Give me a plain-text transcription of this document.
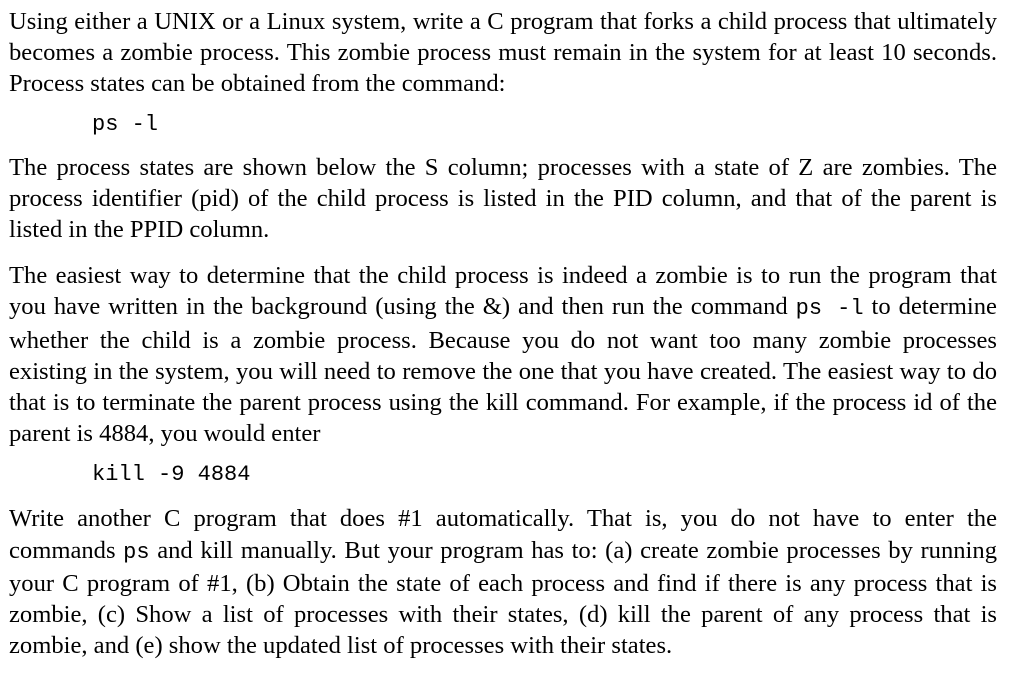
Using either a UNIX or a Linux system, write a C program that forks a child process that ultimately becomes a zombie process. This zombie process must remain in the system for at least 10 seconds. Process states can be obtained from the command:

ps -l

The process states are shown below the S column; processes with a state of Z are zombies. The process identifier (pid) of the child process is listed in the PID column, and that of the parent is listed in the PPID column.

The easiest way to determine that the child process is indeed a zombie is to run the program that you have written in the background (using the &) and then run the command ps -l to determine whether the child is a zombie process. Because you do not want too many zombie processes existing in the system, you will need to remove the one that you have created. The easiest way to do that is to terminate the parent process using the kill command. For example, if the process id of the parent is 4884, you would enter

kill -9 4884

Write another C program that does #1 automatically. That is, you do not have to enter the commands ps and kill manually. But your program has to: (a) create zombie processes by running your C program of #1, (b) Obtain the state of each process and find if there is any process that is zombie, (c) Show a list of processes with their states, (d) kill the parent of any process that is zombie, and (e) show the updated list of processes with their states.
